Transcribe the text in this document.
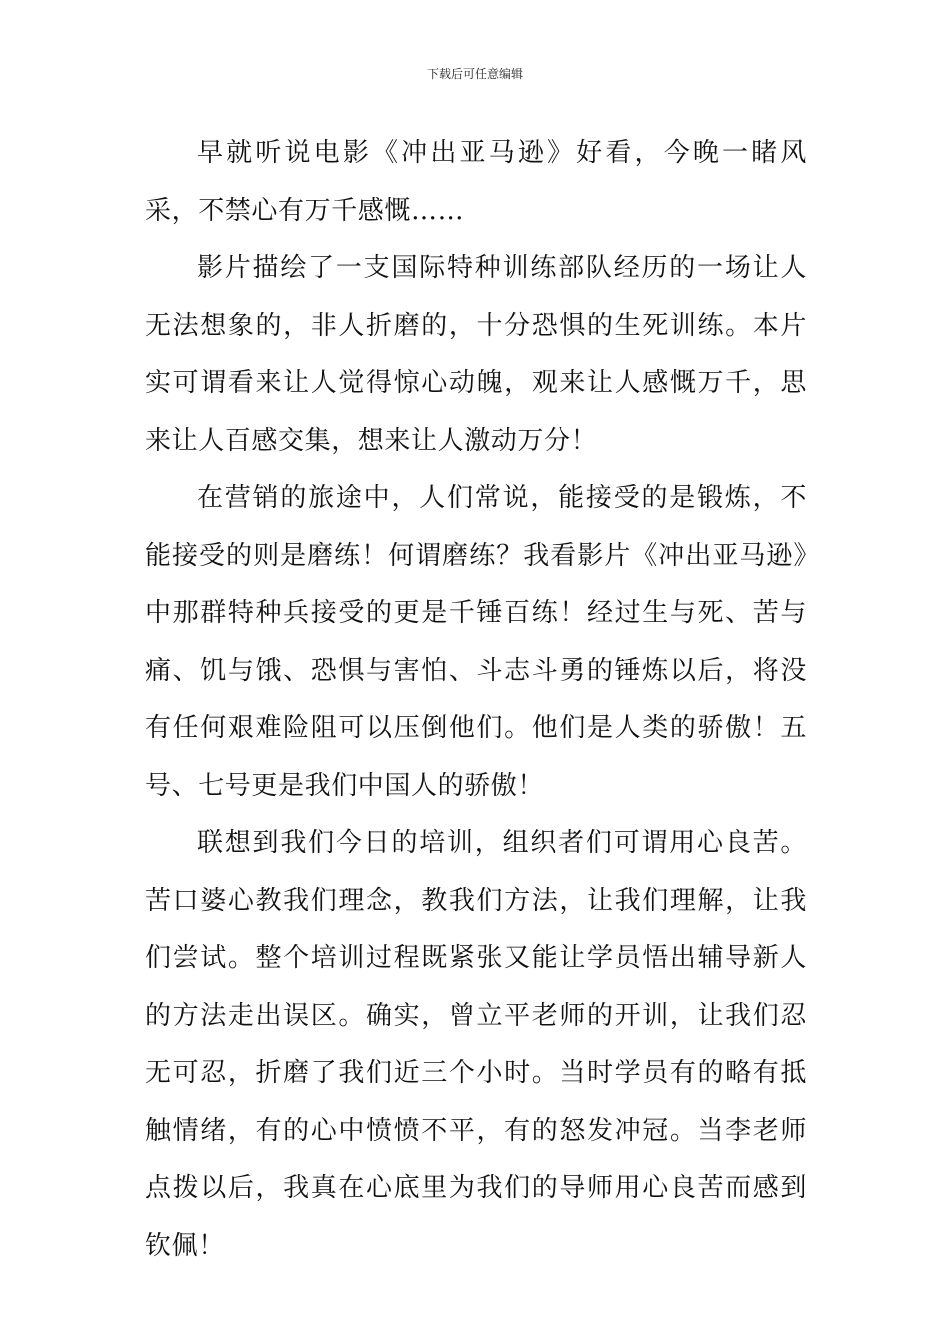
下载后可任意编辑

早就听说电影《冲出亚马逊》好看，今晚一睹风采，不禁心有万千感慨……

影片描绘了一支国际特种训练部队经历的一场让人无法想象的，非人折磨的，十分恐惧的生死训练。本片实可谓看来让人觉得惊心动魄，观来让人感慨万千，思来让人百感交集，想来让人激动万分！

在营销的旅途中，人们常说，能接受的是锻炼，不能接受的则是磨练！何谓磨练？我看影片《冲出亚马逊》中那群特种兵接受的更是千锤百练！经过生与死、苦与痛、饥与饿、恐惧与害怕、斗志斗勇的锤炼以后，将没有任何艰难险阻可以压倒他们。他们是人类的骄傲！五号、七号更是我们中国人的骄傲！

联想到我们今日的培训，组织者们可谓用心良苦。苦口婆心教我们理念，教我们方法，让我们理解，让我们尝试。整个培训过程既紧张又能让学员悟出辅导新人的方法走出误区。确实，曾立平老师的开训，让我们忍无可忍，折磨了我们近三个小时。当时学员有的略有抵触情绪，有的心中愤愤不平，有的怒发冲冠。当李老师点拨以后，我真在心底里为我们的导师用心良苦而感到钦佩！
